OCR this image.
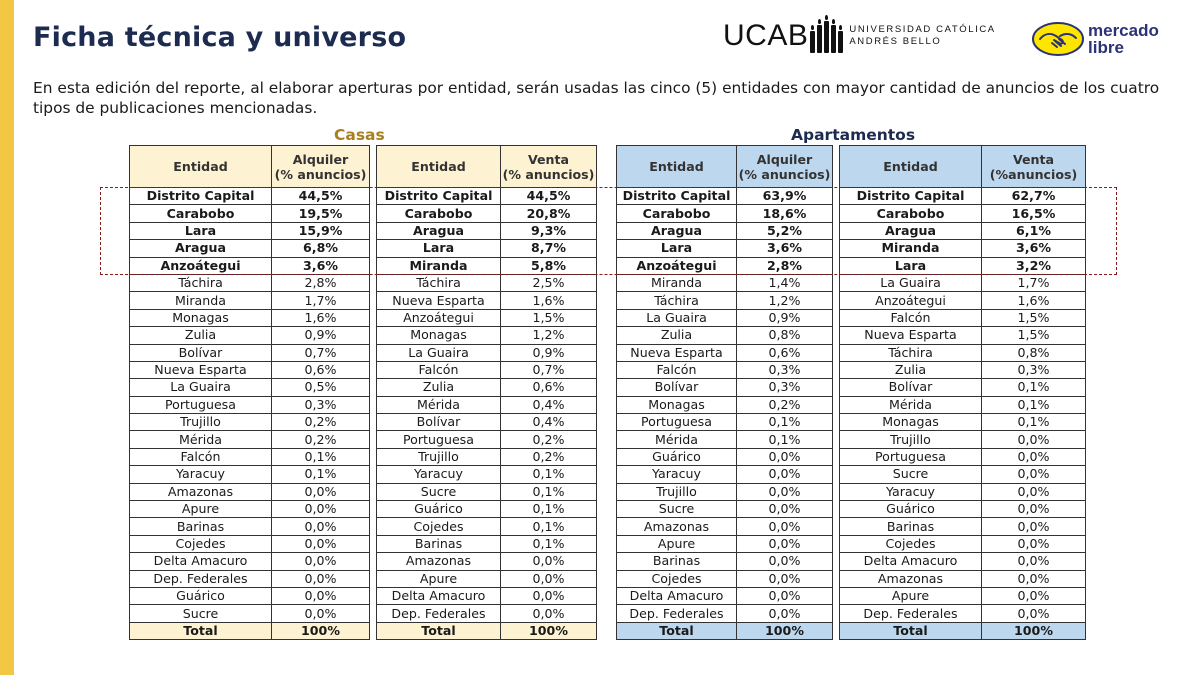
Ficha técnica y universo	UCAB	UNIVERSIDAD CATÓLICA
ANDRÉS BELLO
mercado
libre

En esta edición del reporte, al elaborar aperturas por entidad, serán usadas las cinco (5) entidades con mayor cantidad de anuncios de los cuatro tipos de publicaciones mencionadas.

Casas	Apartamentos
Entidad	Alquiler
(% anuncios)
Distrito Capital	44,5%
Carabobo	19,5%
Lara	15,9%
Aragua	6,8%
Anzoátegui	3,6%
Táchira	2,8%
Miranda	1,7%
Monagas	1,6%
Zulia	0,9%
Bolívar	0,7%
Nueva Esparta	0,6%
La Guaira	0,5%
Portuguesa	0,3%
Trujillo	0,2%
Mérida	0,2%
Falcón	0,1%
Yaracuy	0,1%
Amazonas	0,0%
Apure	0,0%
Barinas	0,0%
Cojedes	0,0%
Delta Amacuro	0,0%
Dep. Federales	0,0%
Guárico	0,0%
Sucre	0,0%
Total	100%
Entidad	Venta
(% anuncios)
Distrito Capital	44,5%
Carabobo	20,8%
Aragua	9,3%
Lara	8,7%
Miranda	5,8%
Táchira	2,5%
Nueva Esparta	1,6%
Anzoátegui	1,5%
Monagas	1,2%
La Guaira	0,9%
Falcón	0,7%
Zulia	0,6%
Mérida	0,4%
Bolívar	0,4%
Portuguesa	0,2%
Trujillo	0,2%
Yaracuy	0,1%
Sucre	0,1%
Guárico	0,1%
Cojedes	0,1%
Barinas	0,1%
Amazonas	0,0%
Apure	0,0%
Delta Amacuro	0,0%
Dep. Federales	0,0%
Total	100%
Entidad	Alquiler
(% anuncios)
Distrito Capital	63,9%
Carabobo	18,6%
Aragua	5,2%
Lara	3,6%
Anzoátegui	2,8%
Miranda	1,4%
Táchira	1,2%
La Guaira	0,9%
Zulia	0,8%
Nueva Esparta	0,6%
Falcón	0,3%
Bolívar	0,3%
Monagas	0,2%
Portuguesa	0,1%
Mérida	0,1%
Guárico	0,0%
Yaracuy	0,0%
Trujillo	0,0%
Sucre	0,0%
Amazonas	0,0%
Apure	0,0%
Barinas	0,0%
Cojedes	0,0%
Delta Amacuro	0,0%
Dep. Federales	0,0%
Total	100%
Entidad	Venta
(%anuncios)
Distrito Capital	62,7%
Carabobo	16,5%
Aragua	6,1%
Miranda	3,6%
Lara	3,2%
La Guaira	1,7%
Anzoátegui	1,6%
Falcón	1,5%
Nueva Esparta	1,5%
Táchira	0,8%
Zulia	0,3%
Bolívar	0,1%
Mérida	0,1%
Monagas	0,1%
Trujillo	0,0%
Portuguesa	0,0%
Sucre	0,0%
Yaracuy	0,0%
Guárico	0,0%
Barinas	0,0%
Cojedes	0,0%
Delta Amacuro	0,0%
Amazonas	0,0%
Apure	0,0%
Dep. Federales	0,0%
Total	100%
